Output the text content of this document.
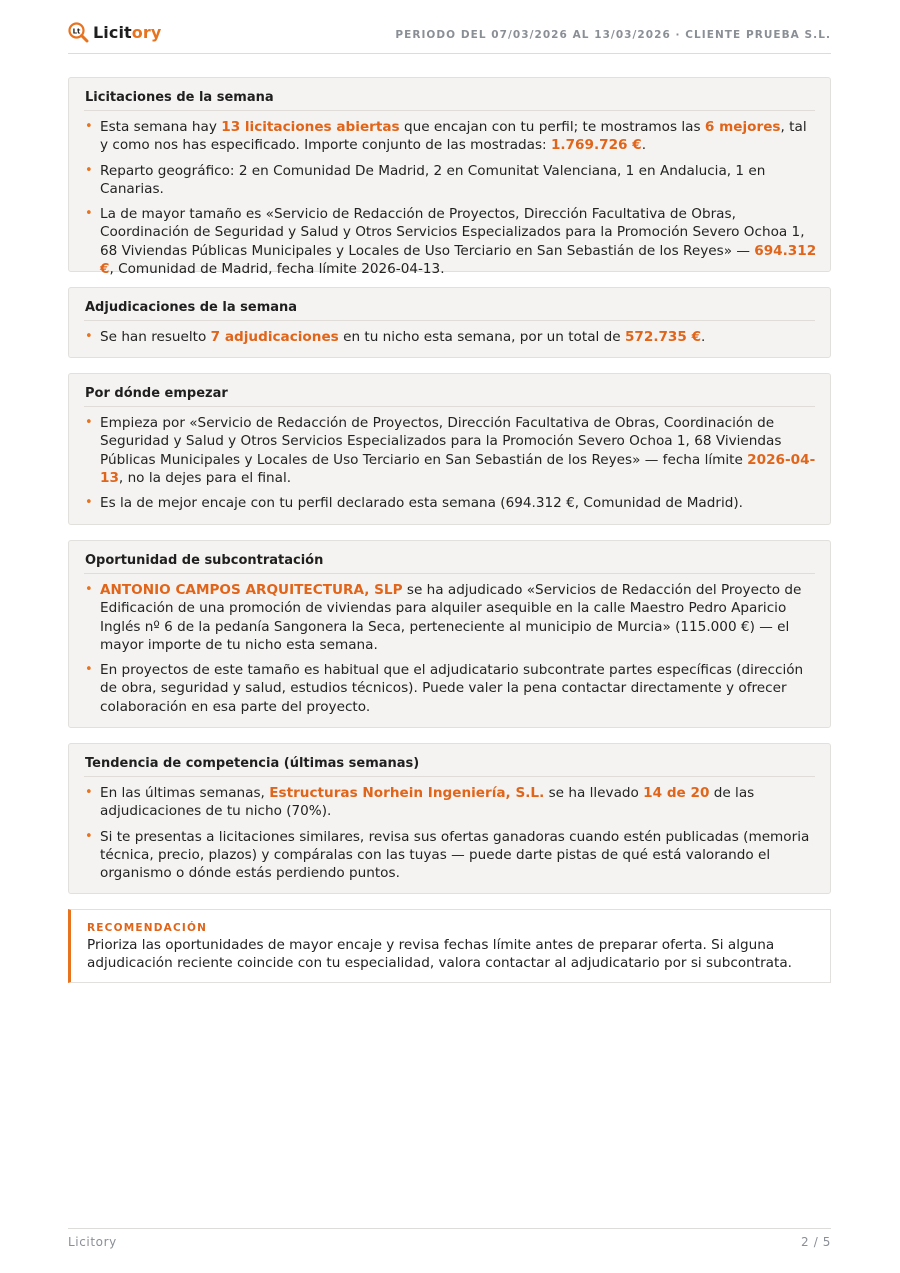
Lt Licitory	PERIODO DEL 07/03/2026 AL 13/03/2026 · CLIENTE PRUEBA S.L.
Licitaciones de la semana
• Esta semana hay 13 licitaciones abiertas que encajan con tu perfil; te mostramos las 6 mejores, tal y como nos has especificado. Importe conjunto de las mostradas: 1.769.726 €.
• Reparto geográfico: 2 en Comunidad De Madrid, 2 en Comunitat Valenciana, 1 en Andalucia, 1 en Canarias.
• La de mayor tamaño es «Servicio de Redacción de Proyectos, Dirección Facultativa de Obras, Coordinación de Seguridad y Salud y Otros Servicios Especializados para la Promoción Severo Ochoa 1, 68 Viviendas Públicas Municipales y Locales de Uso Terciario en San Sebastián de los Reyes» — 694.312 €, Comunidad de Madrid, fecha límite 2026-04-13.
Adjudicaciones de la semana
• Se han resuelto 7 adjudicaciones en tu nicho esta semana, por un total de 572.735 €.
Por dónde empezar
• Empieza por «Servicio de Redacción de Proyectos, Dirección Facultativa de Obras, Coordinación de Seguridad y Salud y Otros Servicios Especializados para la Promoción Severo Ochoa 1, 68 Viviendas Públicas Municipales y Locales de Uso Terciario en San Sebastián de los Reyes» — fecha límite 2026-04-13, no la dejes para el final.
• Es la de mejor encaje con tu perfil declarado esta semana (694.312 €, Comunidad de Madrid).
Oportunidad de subcontratación
• ANTONIO CAMPOS ARQUITECTURA, SLP se ha adjudicado «Servicios de Redacción del Proyecto de Edificación de una promoción de viviendas para alquiler asequible en la calle Maestro Pedro Aparicio Inglés nº 6 de la pedanía Sangonera la Seca, perteneciente al municipio de Murcia» (115.000 €) — el mayor importe de tu nicho esta semana.
• En proyectos de este tamaño es habitual que el adjudicatario subcontrate partes específicas (dirección de obra, seguridad y salud, estudios técnicos). Puede valer la pena contactar directamente y ofrecer colaboración en esa parte del proyecto.
Tendencia de competencia (últimas semanas)
• En las últimas semanas, Estructuras Norhein Ingeniería, S.L. se ha llevado 14 de 20 de las adjudicaciones de tu nicho (70%).
• Si te presentas a licitaciones similares, revisa sus ofertas ganadoras cuando estén publicadas (memoria técnica, precio, plazos) y compáralas con las tuyas — puede darte pistas de qué está valorando el organismo o dónde estás perdiendo puntos.
RECOMENDACIÓN
Prioriza las oportunidades de mayor encaje y revisa fechas límite antes de preparar oferta. Si alguna adjudicación reciente coincide con tu especialidad, valora contactar al adjudicatario por si subcontrata.
Licitory	2 / 5
